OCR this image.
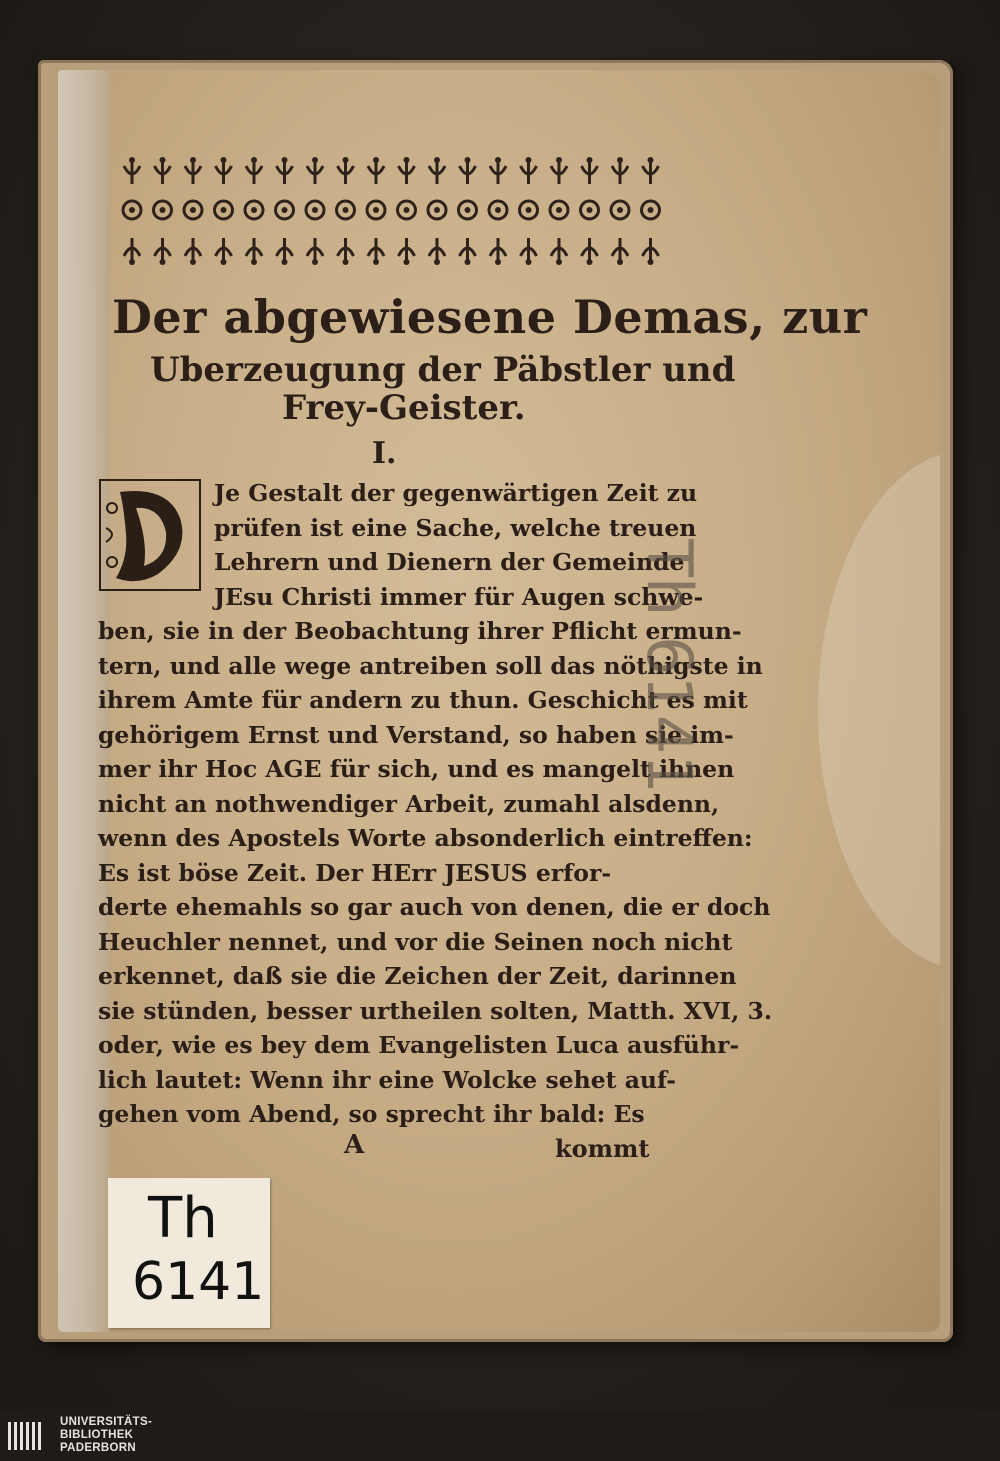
Der abgewiesene Demas, zur
Uberzeugung der Päbstler und
Frey-Geister.
I.
Je Gestalt der gegenwärtigen Zeit zu
prüfen ist eine Sache, welche treuen
Lehrern und Dienern der Gemeinde
JEsu Christi immer für Augen schwe-
ben, sie in der Beobachtung ihrer Pflicht ermun-
tern, und alle wege antreiben soll das nöthigste in
ihrem Amte für andern zu thun. Geschicht es mit
gehörigem Ernst und Verstand, so haben sie im-
mer ihr Hoc AGE für sich, und es mangelt ihnen
nicht an nothwendiger Arbeit, zumahl alsdenn,
wenn des Apostels Worte absonderlich eintreffen:
Es ist böse Zeit. Der HErr JESUS erfor-
derte ehemahls so gar auch von denen, die er doch
Heuchler nennet, und vor die Seinen noch nicht
erkennet, daß sie die Zeichen der Zeit, darinnen
sie stünden, besser urtheilen solten, Matth. XVI, 3.
oder, wie es bey dem Evangelisten Luca ausführ-
lich lautet: Wenn ihr eine Wolcke sehet auf-
gehen vom Abend, so sprecht ihr bald: Es
A	kommt
Th 6141
Th
6141
UNIVERSITÄTS-
BIBLIOTHEK
PADERBORN
